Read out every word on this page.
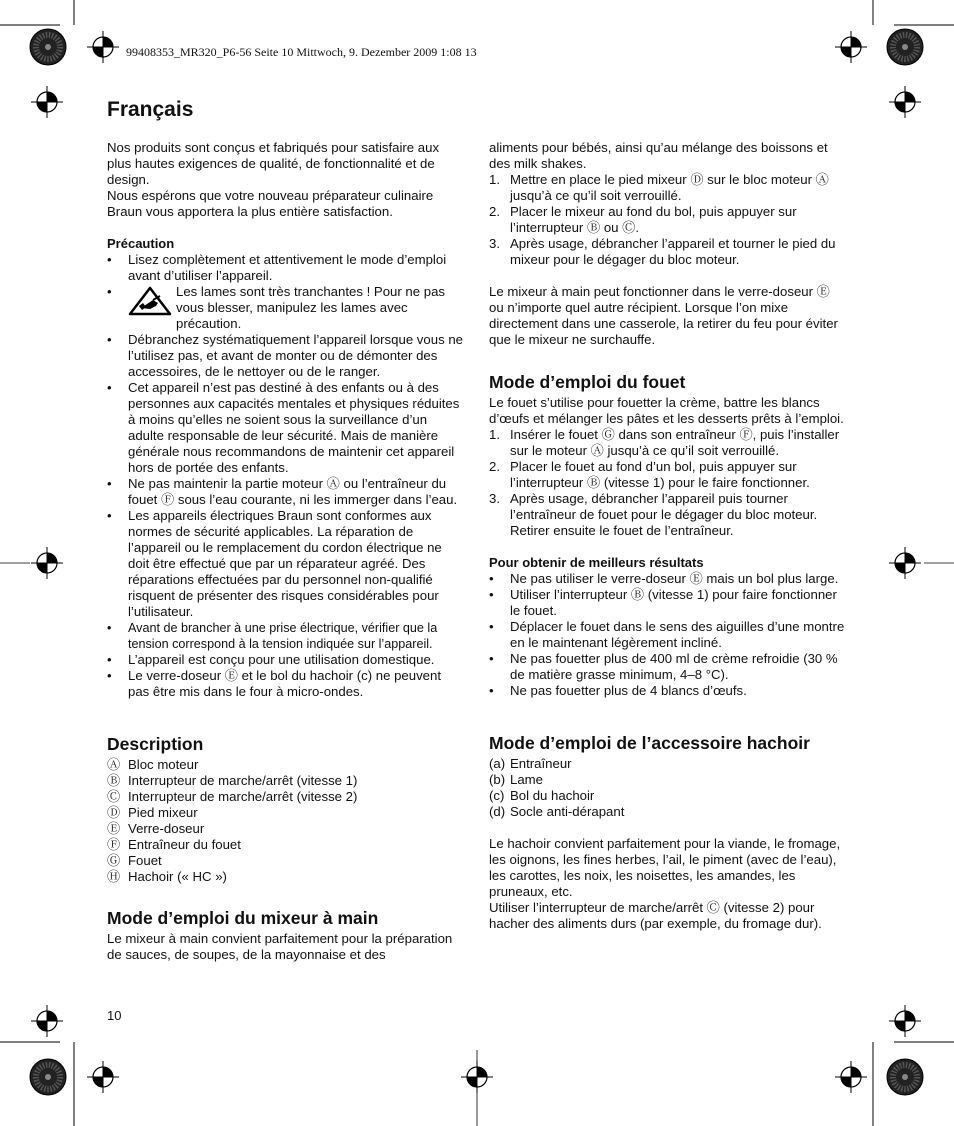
99408353_MR320_P6-56 Seite 10 Mittwoch, 9. Dezember 2009 1:08 13
Français

Nos produits sont conçus et fabriqués pour satisfaire aux plus hautes exigences de qualité, de fonctionnalité et de design.

Nous espérons que votre nouveau préparateur culinaire Braun vous apportera la plus entière satisfaction.

Précaution

•	Lisez complètement et attentivement le mode d’emploi avant d’utiliser l’appareil.
•	Les lames sont très tranchantes ! Pour ne pas vous blesser, manipulez les lames avec précaution.
•	Débranchez systématiquement l’appareil lorsque vous ne l’utilisez pas, et avant de monter ou de démonter des accessoires, de le nettoyer ou de le ranger.
•	Cet appareil n’est pas destiné à des enfants ou à des personnes aux capacités mentales et physiques réduites à moins qu’elles ne soient sous la surveillance d’un adulte responsable de leur sécurité. Mais de manière générale nous recommandons de maintenir cet appareil hors de portée des enfants.
•	Ne pas maintenir la partie moteur Ⓐ ou l’entraîneur du fouet Ⓕ sous l’eau courante, ni les immerger dans l’eau.
•	Les appareils électriques Braun sont conformes aux normes de sécurité applicables. La réparation de l’appareil ou le remplacement du cordon électrique ne doit être effectué que par un réparateur agréé. Des réparations effectuées par du personnel non-qualifié risquent de présenter des risques considérables pour l’utilisateur.
•	Avant de brancher à une prise électrique, vérifier que la tension correspond à la tension indiquée sur l’appareil.
•	L’appareil est conçu pour une utilisation domestique.
•	Le verre-doseur Ⓔ et le bol du hachoir (c) ne peuvent pas être mis dans le four à micro-ondes.
Description
Ⓐ Bloc moteur
Ⓑ Interrupteur de marche/arrêt (vitesse 1)
Ⓒ Interrupteur de marche/arrêt (vitesse 2)
Ⓓ Pied mixeur
Ⓔ Verre-doseur
Ⓕ Entraîneur du fouet
Ⓖ Fouet
Ⓗ Hachoir (« HC »)
Mode d’emploi du mixeur à main

Le mixeur à main convient parfaitement pour la préparation de sauces, de soupes, de la mayonnaise et des

aliments pour bébés, ainsi qu’au mélange des boissons et des milk shakes.

1. Mettre en place le pied mixeur Ⓓ sur le bloc moteur Ⓐ jusqu’à ce qu’il soit verrouillé.
2. Placer le mixeur au fond du bol, puis appuyer sur l’interrupteur Ⓑ ou Ⓒ.
3. Après usage, débrancher l’appareil et tourner le pied du mixeur pour le dégager du bloc moteur.

Le mixeur à main peut fonctionner dans le verre-doseur Ⓔ ou n’importe quel autre récipient. Lorsque l’on mixe directement dans une casserole, la retirer du feu pour éviter que le mixeur ne surchauffe.

Mode d’emploi du fouet

Le fouet s’utilise pour fouetter la crème, battre les blancs d’œufs et mélanger les pâtes et les desserts prêts à l’emploi.

1. Insérer le fouet Ⓖ dans son entraîneur Ⓕ, puis l’installer sur le moteur Ⓐ jusqu’à ce qu’il soit verrouillé.
2. Placer le fouet au fond d’un bol, puis appuyer sur l’interrupteur Ⓑ (vitesse 1) pour le faire fonctionner.
3. Après usage, débrancher l’appareil puis tourner l’entraîneur de fouet pour le dégager du bloc moteur. Retirer ensuite le fouet de l’entraîneur.

Pour obtenir de meilleurs résultats

•	Ne pas utiliser le verre-doseur Ⓔ mais un bol plus large.
•	Utiliser l’interrupteur Ⓑ (vitesse 1) pour faire fonctionner le fouet.
•	Déplacer le fouet dans le sens des aiguilles d’une montre en le maintenant légèrement incliné.
•	Ne pas fouetter plus de 400 ml de crème refroidie (30 % de matière grasse minimum, 4–8 °C).
•	Ne pas fouetter plus de 4 blancs d’œufs.
Mode d’emploi de l’accessoire hachoir
(a) Entraîneur
(b) Lame
(c) Bol du hachoir
(d) Socle anti-dérapant

Le hachoir convient parfaitement pour la viande, le fromage, les oignons, les fines herbes, l’ail, le piment (avec de l’eau), les carottes, les noix, les noisettes, les amandes, les pruneaux, etc.

Utiliser l’interrupteur de marche/arrêt Ⓒ (vitesse 2) pour hacher des aliments durs (par exemple, du fromage dur).

10
